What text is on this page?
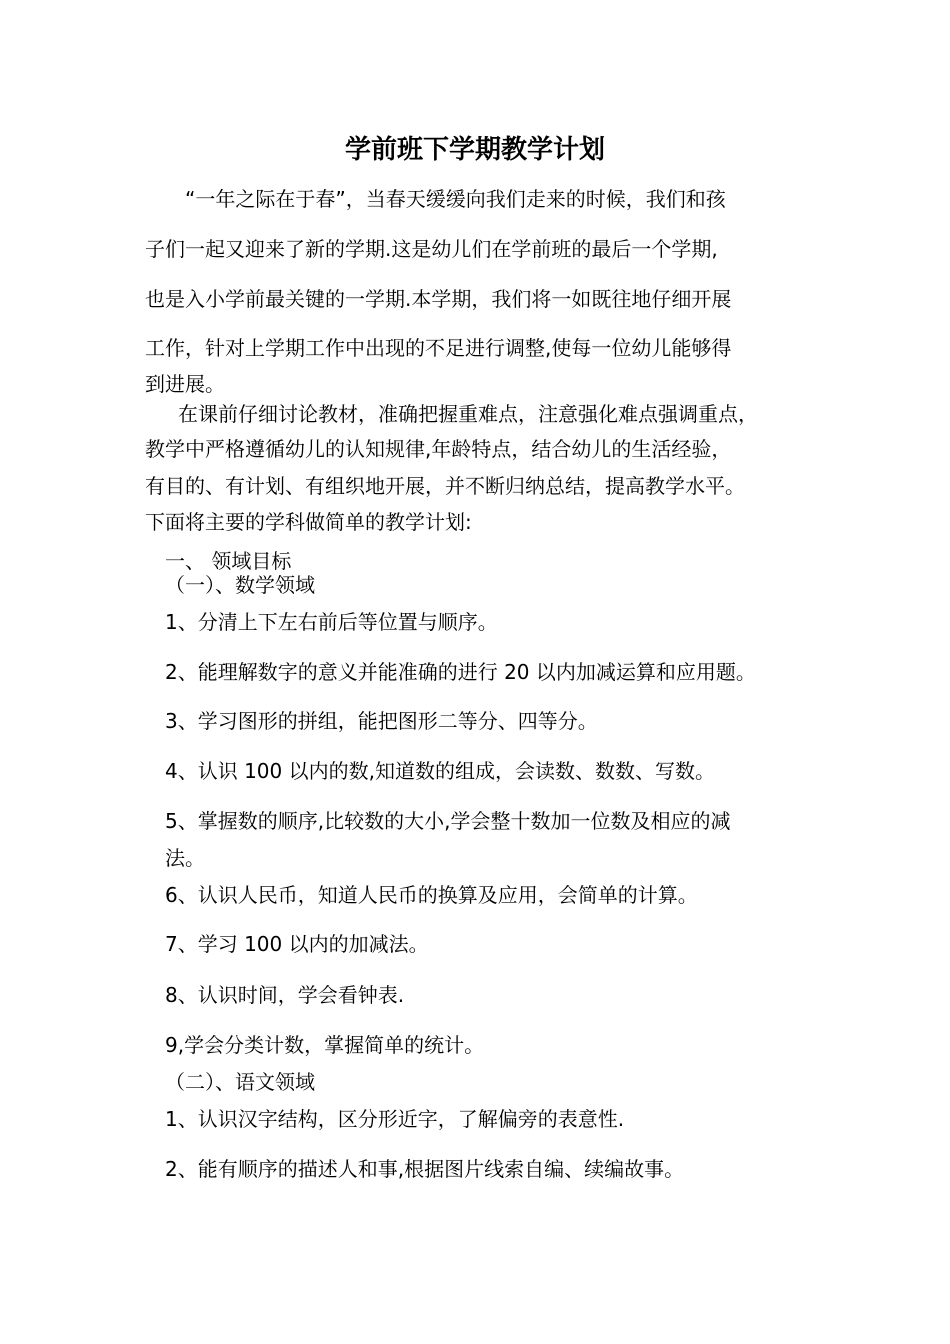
学前班下学期教学计划

“一年之际在于春”，当春天缓缓向我们走来的时候，我们和孩

子们一起又迎来了新的学期.这是幼儿们在学前班的最后一个学期,

也是入小学前最关键的一学期.本学期，我们将一如既往地仔细开展

工作，针对上学期工作中出现的不足进行调整,使每一位幼儿能够得

到进展。

在课前仔细讨论教材，准确把握重难点，注意强化难点强调重点，

教学中严格遵循幼儿的认知规律,年龄特点，结合幼儿的生活经验，

有目的、有计划、有组织地开展，并不断归纳总结，提高教学水平。

下面将主要的学科做简单的教学计划:

一、 领域目标

（一）、数学领域

1、分清上下左右前后等位置与顺序。

2、能理解数字的意义并能准确的进行 20 以内加减运算和应用题。

3、学习图形的拼组，能把图形二等分、四等分。

4、认识 100 以内的数,知道数的组成，会读数、数数、写数。

5、掌握数的顺序,比较数的大小,学会整十数加一位数及相应的减

法。

6、认识人民币，知道人民币的换算及应用，会简单的计算。

7、学习 100 以内的加减法。

8、认识时间，学会看钟表.

9,学会分类计数，掌握简单的统计。

（二）、语文领域

1、认识汉字结构，区分形近字，了解偏旁的表意性.

2、能有顺序的描述人和事,根据图片线索自编、续编故事。
